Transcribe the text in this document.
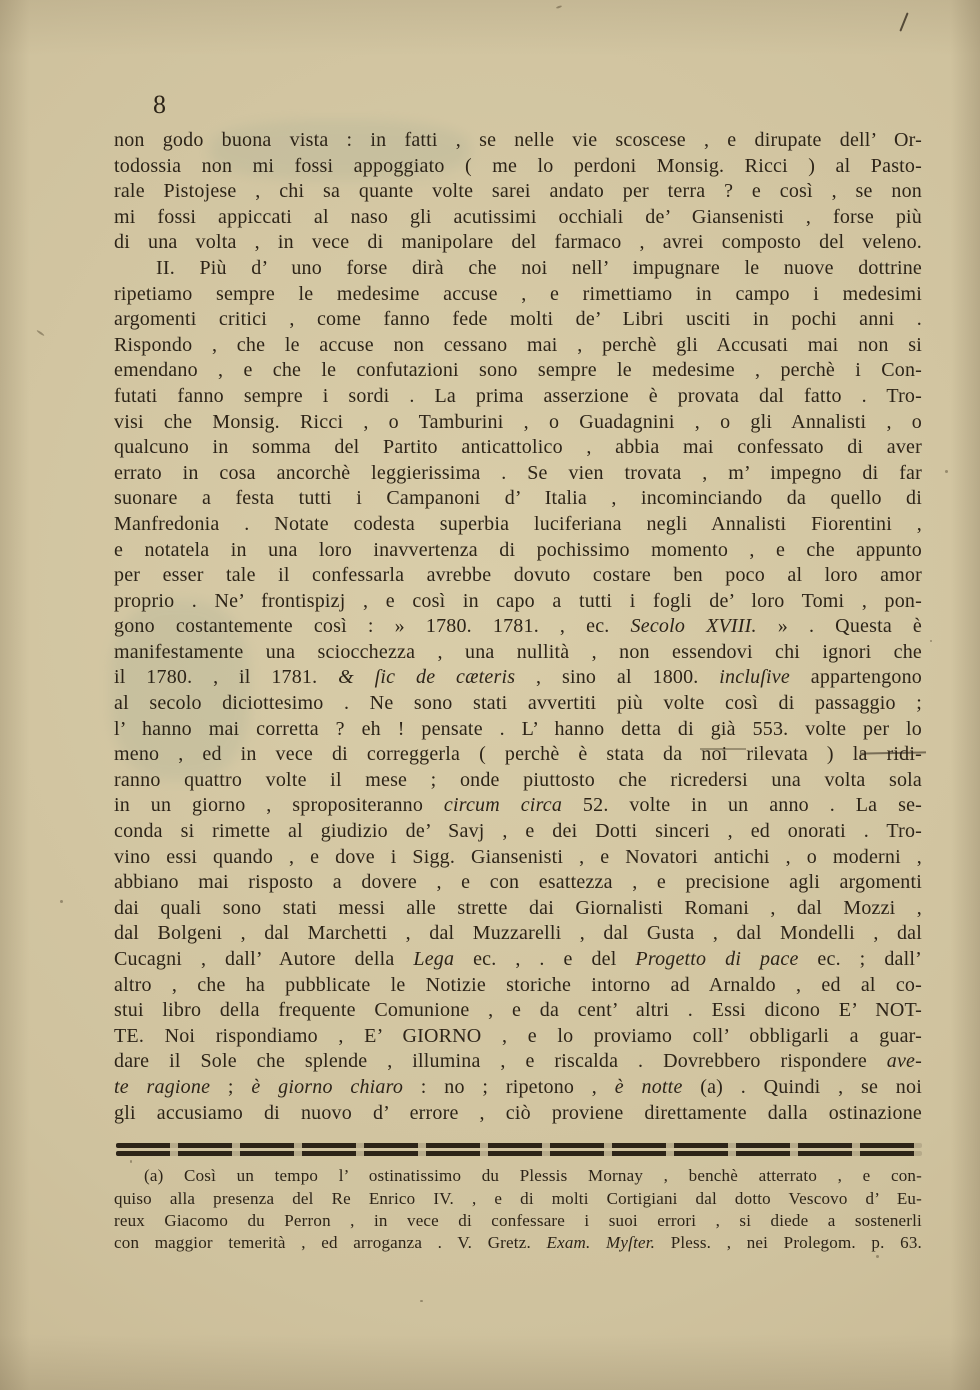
8
non godo buona vista : in fatti , se nelle vie scoscese , e dirupate dell’ Or-
todossia non mi fossi appoggiato ( me lo perdoni Monsig. Ricci ) al Pasto-
rale Pistojese , chi sa quante volte sarei andato per terra ? e così , se non
mi fossi appiccati al naso gli acutissimi occhiali de’ Giansenisti , forse più
di una volta , in vece di manipolare del farmaco , avrei composto del veleno.
II. Più d’ uno forse dirà che noi nell’ impugnare le nuove dottrine
ripetiamo sempre le medesime accuse , e rimettiamo in campo i medesimi
argomenti critici , come fanno fede molti de’ Libri usciti in pochi anni .
Rispondo , che le accuse non cessano mai , perchè gli Accusati mai non si
emendano , e che le confutazioni sono sempre le medesime , perchè i Con-
futati fanno sempre i sordi . La prima asserzione è provata dal fatto . Tro-
visi che Monsig. Ricci , o Tamburini , o Guadagnini , o gli Annalisti , o
qualcuno in somma del Partito anticattolico , abbia mai confessato di aver
errato in cosa ancorchè leggierissima . Se vien trovata , m’ impegno di far
suonare a festa tutti i Campanoni d’ Italia , incominciando da quello di
Manfredonia . Notate codesta superbia luciferiana negli Annalisti Fiorentini ,
e notatela in una loro inavvertenza di pochissimo momento , e che appunto
per esser tale il confessarla avrebbe dovuto costare ben poco al loro amor
proprio . Ne’ frontispizj , e così in capo a tutti i fogli de’ loro Tomi , pon-
gono costantemente così : » 1780. 1781. , ec. Secolo XVIII. » . Questa è
manifestamente una sciocchezza , una nullità , non essendovi chi ignori che
il 1780. , il 1781. & ſic de cæteris , sino al 1800. incluſive appartengono
al secolo diciottesimo . Ne sono stati avvertiti più volte così di passaggio ;
l’ hanno mai corretta ? eh ! pensate . L’ hanno detta di già 553. volte per lo
meno , ed in vece di correggerla ( perchè è stata da noi rilevata ) la ridi-
ranno quattro volte il mese ; onde piuttosto che ricredersi una volta sola
in un giorno , spropositeranno circum circa 52. volte in un anno . La se-
conda si rimette al giudizio de’ Savj , e dei Dotti sinceri , ed onorati . Tro-
vino essi quando , e dove i Sigg. Giansenisti , e Novatori antichi , o moderni ,
abbiano mai risposto a dovere , e con esattezza , e precisione agli argomenti
dai quali sono stati messi alle strette dai Giornalisti Romani , dal Mozzi ,
dal Bolgeni , dal Marchetti , dal Muzzarelli , dal Gusta , dal Mondelli , dal
Cucagni , dall’ Autore della Lega ec. , . e del Progetto di pace ec. ; dall’
altro , che ha pubblicate le Notizie storiche intorno ad Arnaldo , ed al co-
stui libro della frequente Comunione , e da cent’ altri . Essi dicono E’ NOT-
TE. Noi rispondiamo , E’ GIORNO , e lo proviamo coll’ obbligarli a guar-
dare il Sole che splende , illumina , e riscalda . Dovrebbero rispondere ave-
te ragione ; è giorno chiaro : no ; ripetono , è notte (a) . Quindi , se noi
gli accusiamo di nuovo d’ errore , ciò proviene direttamente dalla ostinazione
(a) Così un tempo l’ ostinatissimo du Plessis Mornay , benchè atterrato , e con-
quiso alla presenza del Re Enrico IV. , e di molti Cortigiani dal dotto Vescovo d’ Eu-
reux Giacomo du Perron , in vece di confessare i suoi errori , si diede a sostenerli
con maggior temerità , ed arroganza . V. Gretz. Exam. Myſter. Pless. , nei Prolegom. p. 63.
